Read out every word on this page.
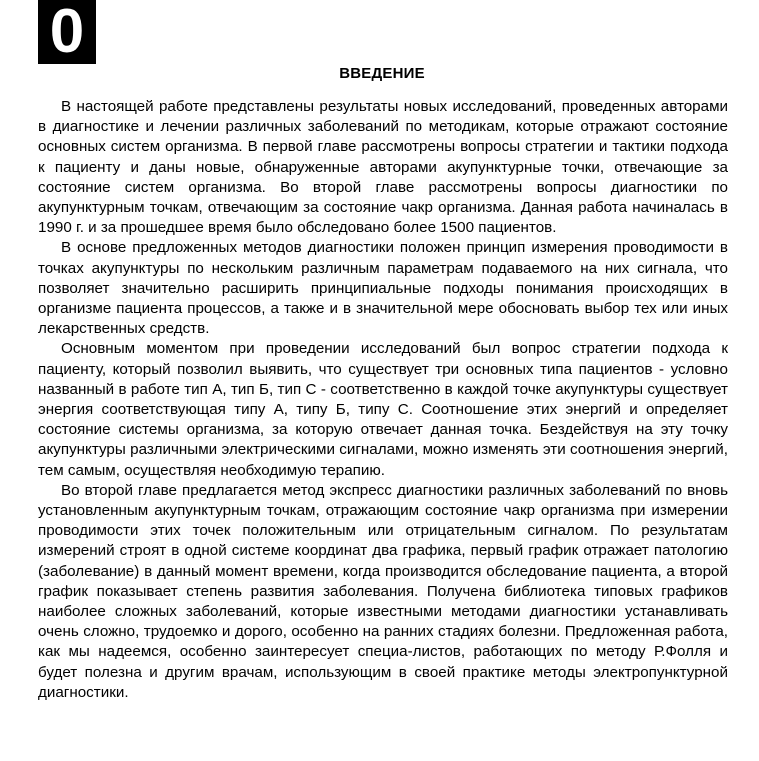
0
ВВЕДЕНИЕ

В настоящей работе представлены результаты новых исследований, проведенных авторами в диагностике и лечении различных заболеваний по методикам, которые отражают состояние основных систем организма. В первой главе рассмотрены вопросы стратегии и тактики подхода к пациенту и даны новые, обнаруженные авторами акупунктурные точки, отвечающие за состояние систем организма. Во второй главе рассмотрены вопросы диагностики по акупунктурным точкам, отвечающим за состояние чакр организма. Данная работа начиналась в 1990 г. и за прошедшее время было обследовано более 1500 пациентов.

В основе предложенных методов диагностики положен принцип измерения проводимости в точках акупунктуры по нескольким различным параметрам подаваемого на них сигнала, что позволяет значительно расширить принципиальные подходы понимания происходящих в организме пациента процессов, а также и в значительной мере обосновать выбор тех или иных лекарственных средств.

Основным моментом при проведении исследований был вопрос стратегии подхода к пациенту, который позволил выявить, что существует три основных типа пациентов - условно названный в работе тип А, тип Б, тип С - соответственно в каждой точке акупунктуры существует энергия соответствующая типу А, типу Б, типу С. Соотношение этих энергий и определяет состояние системы организма, за которую отвечает данная точка. Бездействуя на эту точку акупунктуры различными электрическими сигналами, можно изменять эти соотношения энергий, тем самым, осуществляя необходимую терапию.

Во второй главе предлагается метод экспресс диагностики различных заболеваний по вновь установленным акупунктурным точкам, отражающим состояние чакр организма при измерении проводимости этих точек положительным или отрицательным сигналом. По результатам измерений строят в одной системе координат два графика, первый график отражает патологию (заболевание) в данный момент времени, когда производится обследование пациента, а второй график показывает степень развития заболевания. Получена библиотека типовых графиков наиболее сложных заболеваний, которые известными методами диагностики устанавливать очень сложно, трудоемко и дорого, особенно на ранних стадиях болезни. Предложенная работа, как мы надеемся, особенно заинтересует специа-листов, работающих по методу Р.Фолля и будет полезна и другим врачам, использующим в своей практике методы электропунктурной диагностики.
